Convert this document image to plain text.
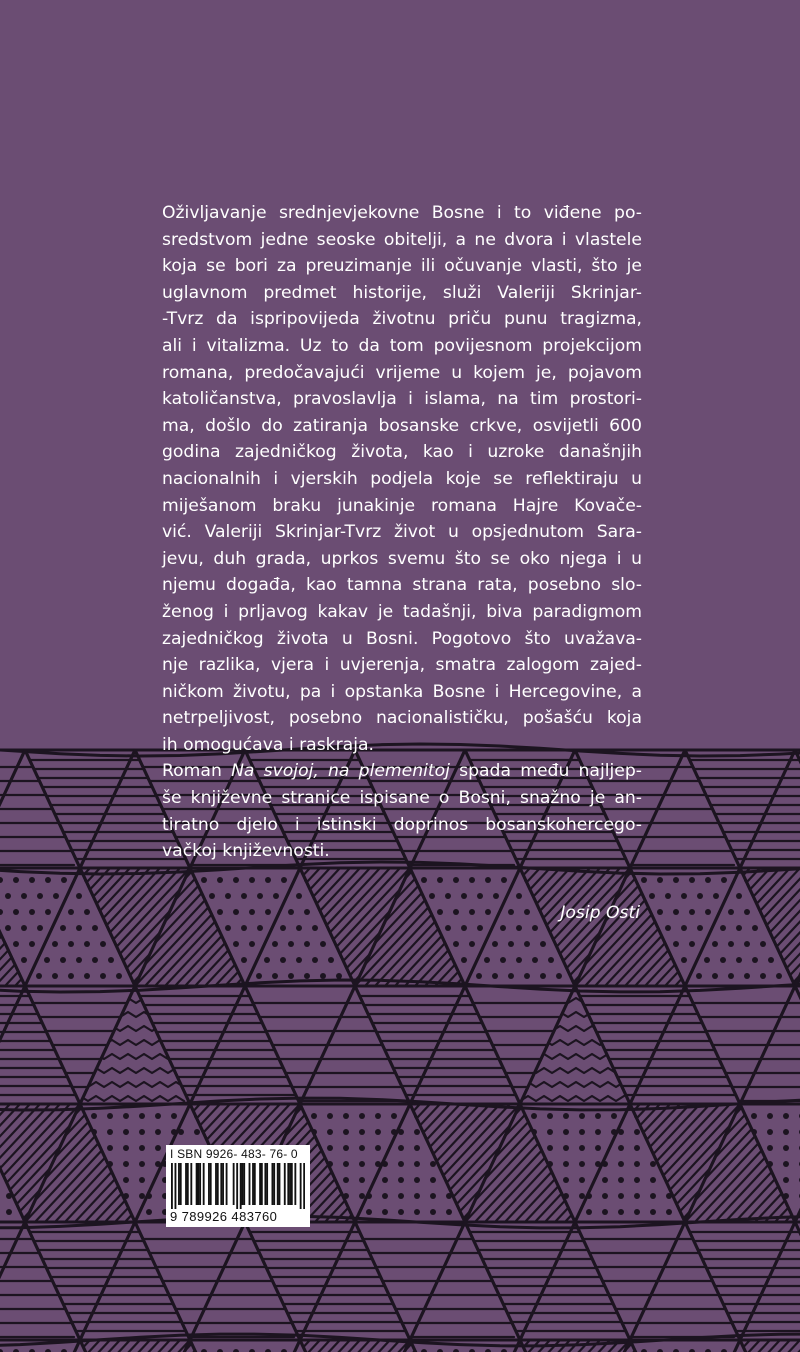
Oživljavanje srednjevjekovne Bosne i to viđene po-
sredstvom jedne seoske obitelji, a ne dvora i vlastele
koja se bori za preuzimanje ili očuvanje vlasti, što je
uglavnom predmet historije, služi Valeriji Skrinjar-
-Tvrz da ispripovijeda životnu priču punu tragizma,
ali i vitalizma. Uz to da tom povijesnom projekcijom
romana, predočavajući vrijeme u kojem je, pojavom
katoličanstva, pravoslavlja i islama, na tim prostori-
ma, došlo do zatiranja bosanske crkve, osvijetli 600
godina zajedničkog života, kao i uzroke današnjih
nacionalnih i vjerskih podjela koje se reflektiraju u
miješanom braku junakinje romana Hajre Kovače-
vić. Valeriji Skrinjar-Tvrz život u opsjednutom Sara-
jevu, duh grada, uprkos svemu što se oko njega i u
njemu događa, kao tamna strana rata, posebno slo-
ženog i prljavog kakav je tadašnji, biva paradigmom
zajedničkog života u Bosni. Pogotovo što uvažava-
nje razlika, vjera i uvjerenja, smatra zalogom zajed-
ničkom životu, pa i opstanka Bosne i Hercegovine, a
netrpeljivost, posebno nacionalističku, pošašću koja
ih omogućava i raskraja.

Roman Na svojoj, na plemenitoj spada među najljep-
še književne stranice ispisane o Bosni, snažno je an-
tiratno djelo i istinski doprinos bosanskohercego-
vačkoj književnosti.

Josip Osti
I SBN 9926- 483- 76- 0
9 789926 483760
